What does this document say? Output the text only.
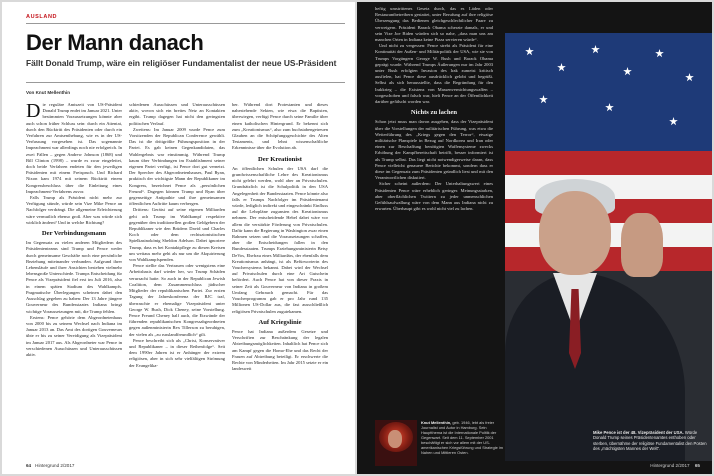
AUSLAND
Der Mann danach
Fällt Donald Trump, wäre ein religiöser Fundamentalist der neue US-Präsident
Von Knut Mellenthin

Die reguläre Amtszeit von US-Präsident Donald Trump endet im Januar 2021. Unter bestimmten Voraussetzungen könnte aber auch schon früher Schluss sein: durch ein Attentat, durch den Rücktritt des Präsidenten oder durch ein Verfahren zur Amtsenthebung, wie es in der US-Verfassung vorgesehen ist. Das sogenannte Impeachment war allerdings noch nie erfolgreich. In zwei Fällen – gegen Andrew Johnson (1868) und Bill Clinton (1998) – wurde es zwar eingeleitet, doch beide Verfahren endeten für den jeweiligen Präsidenten mit einem Freispruch. Und Richard Nixon kam 1974 mit seinem Rücktritt einem Kongressbeschluss über die Einleitung eines Impeachment-Verfahrens zuvor.

Falls Trump als Präsident nicht mehr zur Verfügung stünde, würde sein Vize Mike Pence an Nachfolger verdrängt. Die allgemeine Erleichterung wäre vermutlich ebenso groß. Aber was würde sich wirklich ändern? Und in welche Richtung?

Der Verbindungsmann

Im Gegensatz zu vielen anderen Mitgliedern des Präsidententeams sind Trump und Pence weder durch gemeinsame Geschäfte noch eine persönliche Beziehung miteinander verbunden. Aufgrund ihrer Lebensläufe und ihrer Ansichten bestehen vielmehr lebensgroße Unterschiede. Trumps Entscheidung für Pence als Vizepräsident fiel erst im Juli 2016, also in einem späten Stadium des Wahlkampfs. Pragmatische Überlegungen scheinen dabei den Ausschlag gegeben zu haben: Der 13 Jahre jüngere Gouverneur des Bundesstaates Indiana bringt wichtige Voraussetzungen mit, die Trump fehlen.

Erstens: Pence gehörte dem Abgeordnetenhaus von 2000 bis zu seinem Wechsel nach Indiana im Januar 2013 an. Das Amt des dortigen Gouverneurs übte er bis zu seiner Vereidigung als Vizepräsident im Januar 2017 aus. Als Abgeordneter war Pence in verschiedenen Ausschüssen und Unterausschüssen aktiv.

schiedenen Ausschüssen und Unterausschüssen aktiv, wovon sich ein breites Netz an Kontakten ergibt. Trump dagegen hat nicht den geringsten politischen Verlauf.

Zweitens: Im Januar 2009 wurde Pence zum Vorsitzenden der Republican Conference gewählt. Das ist die drittgrößte Führungsposition in der Partei. Es gab keinen Gegenkandidaten, das Wahlergebnis war einstimmig. Während Trump kaum über Verbindungen im Establishment seiner eigenen Partei verfügt, ist Pence dort gut vernetzt. Der Sprecher des Abgeordnetenhauses, Paul Ryan, praktisch der wichtigste Mann der Republikaner im Kongress, bezeichnet Pence als „persönlichen Freund“. Dagegen können Trump und Ryan über gegenseitige Antipathie und ihre gemeinsamen öffentlichen Auftritte kaum verbergen.

Drittens: Gerätst auf seine eigenen Milliarden geht ach Trump im Wahlkampf respektive gegenüber den traditionellen großen Geldgebern der Republikaner wie den Brüdern David und Charles Koch oder dem rechtszionistischen Spielkasinokönig Sheldon Adelson. Dabei ignoriere Trump, dass es bei Kontaktpflege zu diesen Kreisen um weitaus mehr geht als nur um die Akquirierung von Wahlkampfspenden.

Pence stellte das Vertrauen oder wenigstens eine Arbeitsbasis darf wieder her, wo Trump Schäden verursacht hatte. So auch in der Republican Jewish Coalition, dem Zusammenschluss jüdischer Mitglieder der republikanischen Partei. Zur ersten Tagung der Jahreskonferenz der RJC traf, überraschte er ehemalige Vizepräsident unter George W. Bush, Dick Cheney, seine Vorstellung. Pence Freund Cheney half auch, die Etzwände der führenden republikanischen Kongressabgeordneten gegen außenministerin Rex Tillerson zu beruhigen, der vielen als „zu russlandfreundlich“ gilt.

Pence beschreibt sich als „Christ, Konservativer und Republikaner – in dieser Reihenfolge“. Seit dem 1990er Jahren ist er Anhänger der extrem religiösen, aber in sich sehr vielfältigen Strömung der Evangelika-

ber. Während dort Protestanten und dieses nahestehende Sekten, wie etwa die Baptisten, überwiegen, verfügt Pence durch seine Familie über einen katholischen Hintergrund. Er bekennt sich zum „Kreationismus“, also zum buchstabengetreuen Glauben an die Schöpfungsgeschichte des Alten Testaments, und lehnt wissenschaftliche Erkenntnisse über die Evolution ab.

Der Kreationist

An öffentlichen Schulen der USA darf die grundwissenschaftliche Lehre des Kreationismus nicht gelehrt werden, wohl aber an Privatschulen. Grundsätzlich ist die Schulpolitik in den USA Angelegenheit der Bundesstaaten. Pence könnte also falls er Trumps Nachfolger im Präsidentenamt würde, lediglich indirekt und eingeschränkt Einfluss auf die Lehrpläne zugunsten des Kreationismus nehmen. Der entscheidende Hebel dabei wäre vor allem die verstärkte Förderung von Privatschulen. Dafür kann die Regierung in Washington zwar einen Rahmen setzen und die Voraussetzungen schaffen, aber die Entscheidungen fallen in den Bundesstaaten. Trumps Erziehungsministerin Betsy DeVos, Ehefrau eines Milliardärs, der ebenfalls dem Kreationismus anhängt, ist als Befürworterin des Vouchersystems bekannt. Dabei wird der Wechsel auf Privatschulen durch eine Art Gutschein befördert. Auch Pence hat von dieser Praxis in seiner Zeit als Gouverneur von Indiana in großem Umfang Gebrauch gemacht. Für das Voucherprogramm gab er pro Jahr rund 135 Millionen US-Dollar aus, die fast ausschließlich religiösen Privatschulen zugutekamen.

Auf Kriegslinie

Pence hat Indiana außerdem Gesetze und Verschriften zur Beschränkung der legalen Abtreibungsmöglichkeiten. Inhaltlich hat Pence sich am Kampf gegen die Homo-Ehe und das Recht der Frauen auf Abtreibung beteiligt. Er erschwerte die Rechte von Minderheiten. Im Jahr 2015 setzte er ein landesweit

64 Hintergrund 2/2017

heftig umstrittenes Gesetz durch, das es Läden oder Restaurantbetreibern gestattet, unter Berufung auf ihre religiöse Überzeugung das Bedienen gleichgeschlechtlicher Paare zu verweigern. Präsident Barack Obama scherzte damals, er und sein Vize Joe Biden würden sich so nahe, „dass man uns am manchen Orten in Indiana keine Pizza servieren würde“.

Und nicht zu vergessen: Pence strebt als Präsident für eine Kontinuität der Außen- und Militärpolitik der USA, wie sie von Trumps Vorgängern George W. Bush und Barack Obama geprägt wurde. Während Trumps Äußerungen nur im Jahr 2003 unter Bush erfolgten Invasion des Irak zumeist kritisch ausfielen, hat Pence diese ausdrücklich gelobt und begrüßt. Selbst als sich herausstellte, dass die Begründung für den Irakkrieg – die Existenz von Massenvernichtungswaffen – vorgeschoben und falsch war, hielt Pence an der Öffentlichkeit darüber gefälscht worden war.

Nichts zu lachen

Schon jetzt muss man davon ausgehen, dass der Vizepräsident über die Vorstellungen der militärischen Führung, was etwa die Weiterführung des „Kriegs gegen den Terror“, etwaige militärische Planspiele in Bezug auf Nordkorea und Iran oder einen zur Beschaffung benötigten Waffensysteme zwecks Erhöhung der Kampfbereitschaft betrifft, besser informiert ist als Trump selbst. Das liegt nicht notwendigerweise daran, dass Pence vielleicht genauere Berichte bekommt, sondern dass er diese im Gegensatz zum Präsidenten gründlich liest und mit den Verantwortlichen diskutiert.

Sicher scheint außerdem: Der Unterhaltungswert eines Präsidenten Pence wäre erheblich geringer. Meinungsstarken, aber oberflächlichen Twittern zu jeder unmenschlichen Gefühlsaufwallung wäre von dem Mann aus Indiana nicht zu erwarten. Überhaupt gibt es wohl nicht viel zu lachen.

Knut Mellenthin, geb. 1946, lebt als freier Journalist und Autor in Hamburg. Sein Hauptthema ist die Internationale Politik der Gegenwart. Seit dem 11. September 2001 beschäftigt er sich vor allem mit der US-amerikanischen Kriegsführung und Strategie im Nahen und Mittleren Osten.
Mike Pence ist der 48. Vizepräsident der USA. Würde Donald Trump seines Präsidentenamtes enthoben oder sterben, übernähme der religiöse Fundamentalist den Posten des „mächtigsten Mannes der Welt“.
Hintergrund 2/2017 65
